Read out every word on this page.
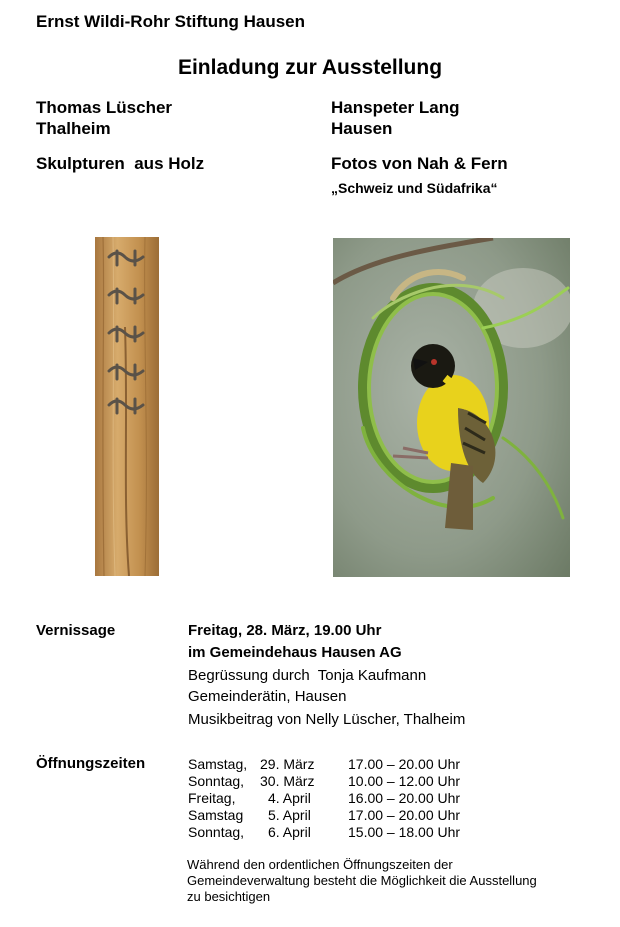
Ernst Wildi-Rohr Stiftung Hausen
Einladung zur Ausstellung
Thomas Lüscher
Thalheim
Hanspeter Lang
Hausen
Skulpturen  aus Holz	Fotos von Nah & Fern
„Schweiz und Südafrika“
Vernissage	Freitag, 28. März, 19.00 Uhr
im Gemeindehaus Hausen AG
Begrüssung durch  Tonja Kaufmann
Gemeinderätin, Hausen
Musikbeitrag von Nelly Lüscher, Thalheim
Öffnungszeiten	Samstag, 29. März 17.00 – 20.00 Uhr
Sonntag, 30. März 10.00 – 12.00 Uhr
Freitag, 4. April	16.00 – 20.00 Uhr
Samstag 5. April	17.00 – 20.00 Uhr
Sonntag, 6. April	15.00 – 18.00 Uhr
Während den ordentlichen Öffnungszeiten der
Gemeindeverwaltung besteht die Möglichkeit die Ausstellung
zu besichtigen
